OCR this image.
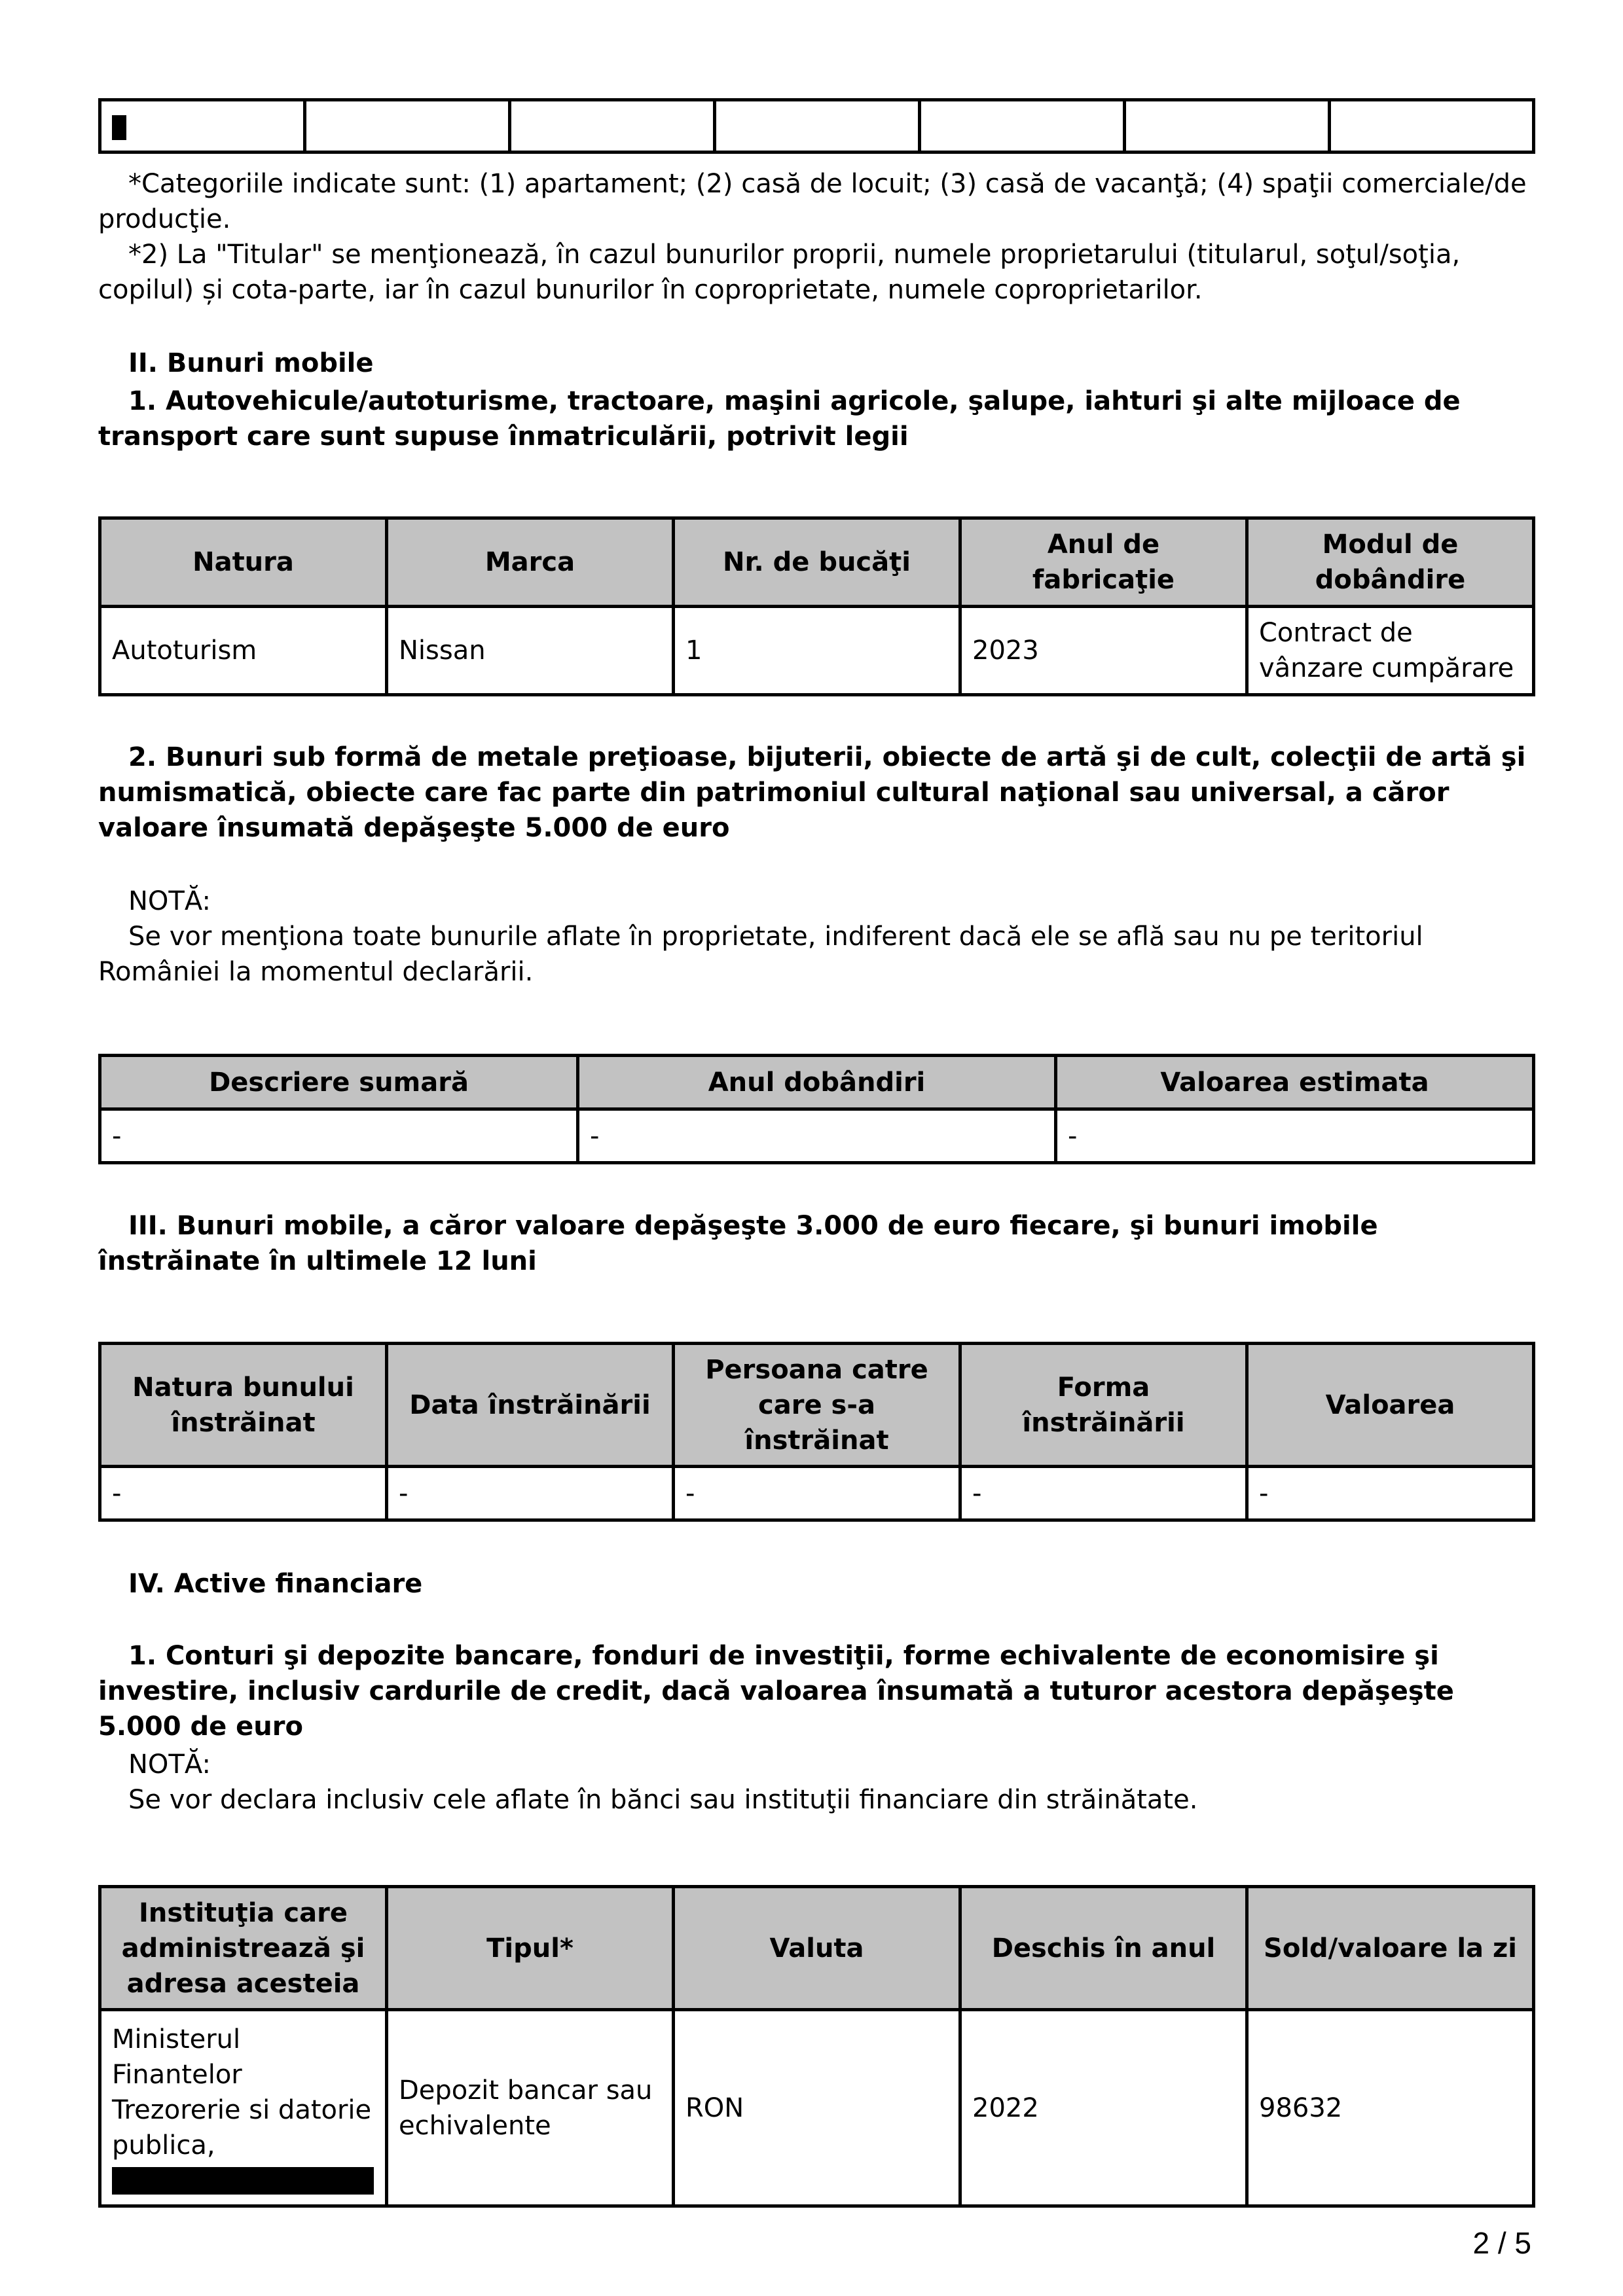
*Categoriile indicate sunt: (1) apartament; (2) casă de locuit; (3) casă de vacanţă; (4) spaţii comerciale/de producţie.

*2) La "Titular" se menţionează, în cazul bunurilor proprii, numele proprietarului (titularul, soţul/soţia, copilul) și cota-parte, iar în cazul bunurilor în coproprietate, numele coproprietarilor.

II. Bunuri mobile

1. Autovehicule/autoturisme, tractoare, maşini agricole, şalupe, iahturi şi alte mijloace de transport care sunt supuse înmatriculării, potrivit legii

Natura	Marca	Nr. de bucăţi	Anul de fabricaţie	Modul de dobândire
Autoturism	Nissan	1	2023	Contract de vânzare cumpărare

2. Bunuri sub formă de metale preţioase, bijuterii, obiecte de artă şi de cult, colecţii de artă şi numismatică, obiecte care fac parte din patrimoniul cultural naţional sau universal, a căror valoare însumată depăşeşte 5.000 de euro

NOTĂ:

Se vor menţiona toate bunurile aflate în proprietate, indiferent dacă ele se află sau nu pe teritoriul României la momentul declarării.

Descriere sumară	Anul dobândiri	Valoarea estimata
-	-	-

III. Bunuri mobile, a căror valoare depăşeşte 3.000 de euro fiecare, şi bunuri imobile înstrăinate în ultimele 12 luni

Natura bunului înstrăinat	Data înstrăinării	Persoana catre care s-a înstrăinat	Forma înstrăinării	Valoarea
-	-	-	-	-

IV. Active financiare

1. Conturi şi depozite bancare, fonduri de investiţii, forme echivalente de economisire şi investire, inclusiv cardurile de credit, dacă valoarea însumată a tuturor acestora depăşeşte 5.000 de euro

NOTĂ:

Se vor declara inclusiv cele aflate în bănci sau instituţii financiare din străinătate.

Instituţia care administrează şi adresa acesteia	Tipul*	Valuta	Deschis în anul	Sold/valoare la zi
Ministerul Finantelor Trezorerie si datorie publica,	Depozit bancar sau echivalente	RON	2022	98632
2 / 5
